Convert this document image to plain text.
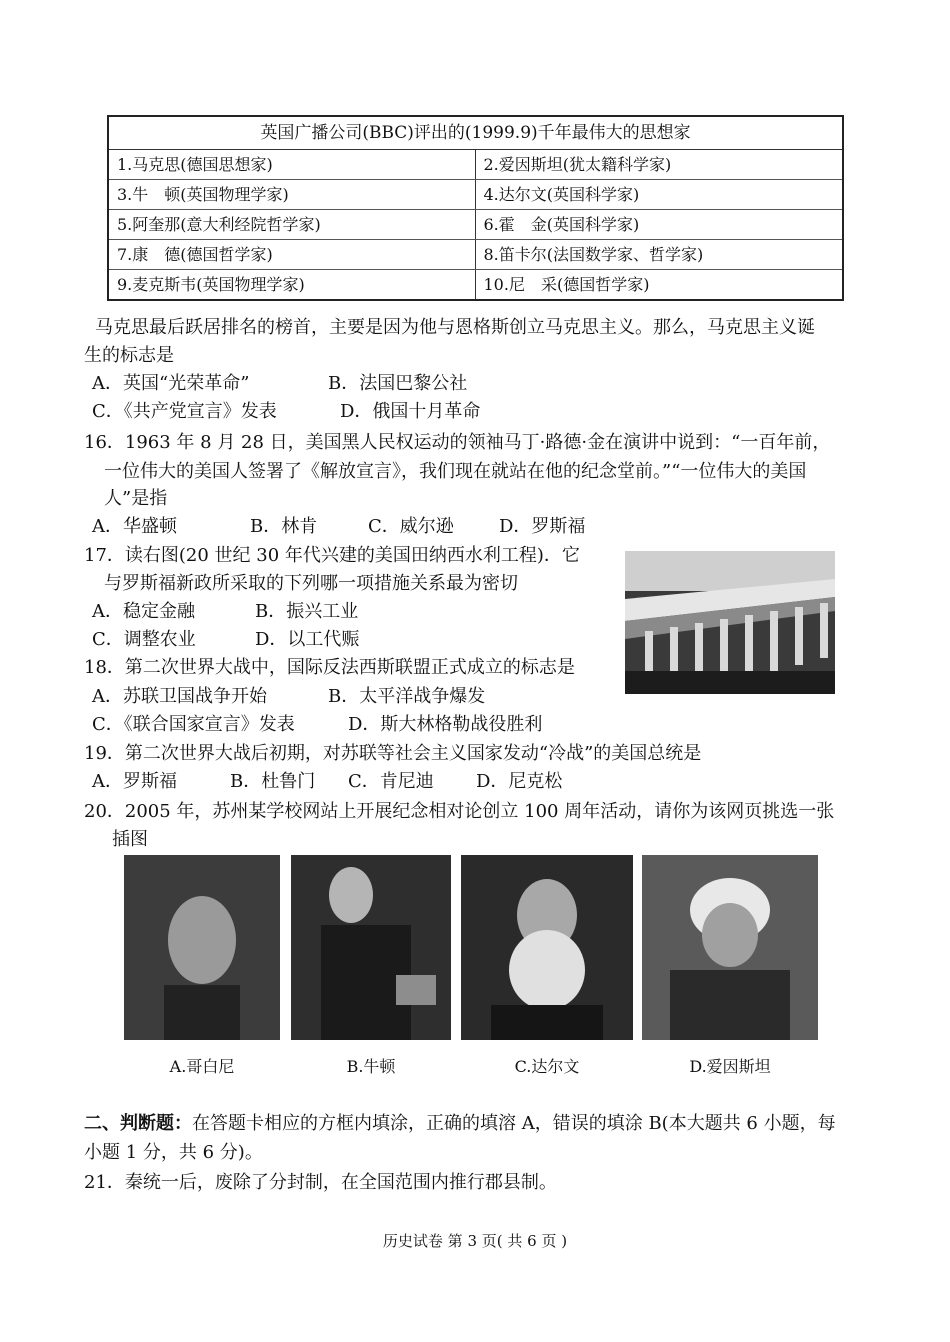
英国广播公司(BBC)评出的(1999.9)千年最伟大的思想家
1.马克思(德国思想家)	2.爱因斯坦(犹太籍科学家)
3.牛　顿(英国物理学家)	4.达尔文(英国科学家)
5.阿奎那(意大利经院哲学家)	6.霍　金(英国科学家)
7.康　德(德国哲学家)	8.笛卡尔(法国数学家、哲学家)
9.麦克斯韦(英国物理学家)	10.尼　采(德国哲学家)
马克思最后跃居排名的榜首，主要是因为他与恩格斯创立马克思主义。那么，马克思主义诞
生的标志是
A．英国“光荣革命”	B．法国巴黎公社
C．《共产党宣言》发表	D．俄国十月革命
16．1963 年 8 月 28 日，美国黑人民权运动的领袖马丁·路德·金在演讲中说到：“一百年前，
一位伟大的美国人签署了《解放宣言》，我们现在就站在他的纪念堂前。”“一位伟大的美国
人”是指
A．华盛顿	B．林肯	C．威尔逊	D．罗斯福
17．读右图(20 世纪 30 年代兴建的美国田纳西水利工程)．它
与罗斯福新政所采取的下列哪一项措施关系最为密切
A．稳定金融	B．振兴工业
C．调整农业	D．以工代赈
18．第二次世界大战中，国际反法西斯联盟正式成立的标志是
A．苏联卫国战争开始	B．太平洋战争爆发
C．《联合国家宣言》发表	D．斯大林格勒战役胜利
19．第二次世界大战后初期，对苏联等社会主义国家发动“冷战”的美国总统是
A．罗斯福	B．杜鲁门 C．肯尼迪 D．尼克松
20．2005 年，苏州某学校网站上开展纪念相对论创立 100 周年活动，请你为该网页挑选一张
插图
A.哥白尼	B.牛顿	C.达尔文	D.爱因斯坦
二、判断题：在答题卡相应的方框内填涂，正确的填溶 A，错误的填涂 B(本大题共 6 小题，每
小题 1 分，共 6 分)。
21．秦统一后，废除了分封制，在全国范围内推行郡县制。
历史试卷 第 3 页( 共 6 页 )
